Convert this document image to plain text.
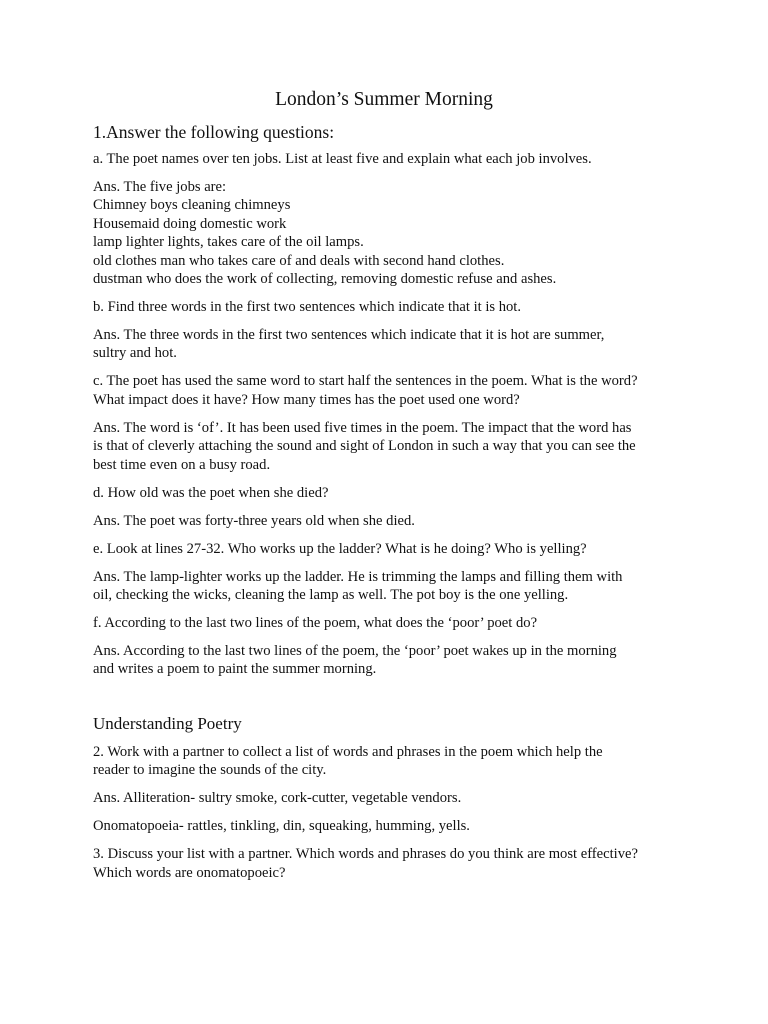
London’s Summer Morning
1.Answer the following questions:
a. The poet names over ten jobs. List at least five and explain what each job involves.
Ans. The five jobs are:
Chimney boys cleaning chimneys
Housemaid doing domestic work
lamp lighter lights, takes care of the oil lamps.
old clothes man who takes care of and deals with second hand clothes.
dustman who does the work of collecting, removing domestic refuse and ashes.
b. Find three words in the first two sentences which indicate that it is hot.
Ans. The three words in the first two sentences which indicate that it is hot are summer,
sultry and hot.
c. The poet has used the same word to start half the sentences in the poem. What is the word?
What impact does it have? How many times has the poet used one word?
Ans. The word is ‘of’. It has been used five times in the poem. The impact that the word has
is that of cleverly attaching the sound and sight of London in such a way that you can see the
best time even on a busy road.
d. How old was the poet when she died?
Ans. The poet was forty-three years old when she died.
e. Look at lines 27-32. Who works up the ladder? What is he doing? Who is yelling?
Ans. The lamp-lighter works up the ladder. He is trimming the lamps and filling them with
oil, checking the wicks, cleaning the lamp as well. The pot boy is the one yelling.
f. According to the last two lines of the poem, what does the ‘poor’ poet do?
Ans. According to the last two lines of the poem, the ‘poor’ poet wakes up in the morning
and writes a poem to paint the summer morning.
Understanding Poetry
2. Work with a partner to collect a list of words and phrases in the poem which help the
reader to imagine the sounds of the city.
Ans. Alliteration- sultry smoke, cork-cutter, vegetable vendors.
Onomatopoeia- rattles, tinkling, din, squeaking, humming, yells.
3. Discuss your list with a partner. Which words and phrases do you think are most effective?
Which words are onomatopoeic?
